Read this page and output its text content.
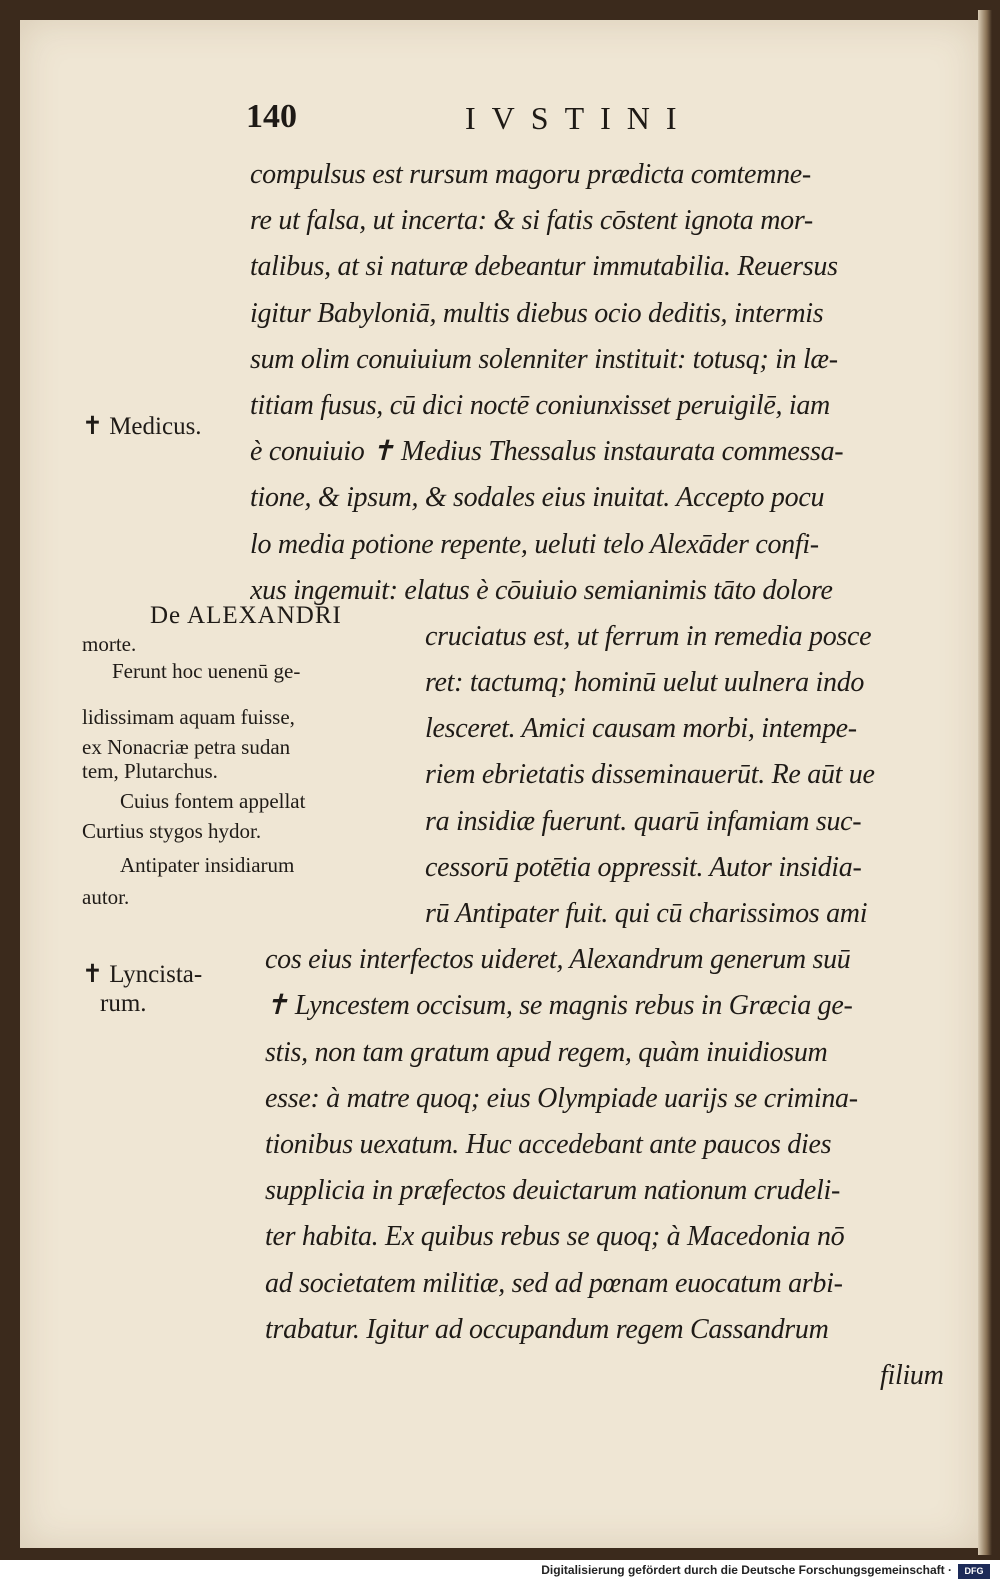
140	IVSTINI
compulsus est rursum magoru prædicta comtemne-
re ut falsa, ut incerta: & si fatis cōstent ignota mor-
talibus, at si naturæ debeantur immutabilia. Reuersus
igitur Babyloniā, multis diebus ocio deditis, intermis
sum olim conuiuium solenniter instituit: totusq; in læ-
titiam fusus, cū dici noctē coniunxisset peruigilē, iam
è conuiuio ✝ Medius Thessalus instaurata commessa-
tione, & ipsum, & sodales eius inuitat. Accepto pocu
lo media potione repente, ueluti telo Alexāder confi-
xus ingemuit: elatus è cōuiuio semianimis tāto dolore
cruciatus est, ut ferrum in remedia posce
ret: tactumq; hominū uelut uulnera indo
lesceret. Amici causam morbi, intempe-
riem ebrietatis disseminauerūt. Re aūt ue
ra insidiæ fuerunt. quarū infamiam suc-
cessorū potētia oppressit. Autor insidia-
rū Antipater fuit. qui cū charissimos ami
cos eius interfectos uideret, Alexandrum generum suū
✝ Lyncestem occisum, se magnis rebus in Græcia ge-
stis, non tam gratum apud regem, quàm inuidiosum
esse: à matre quoq; eius Olympiade uarijs se crimina-
tionibus uexatum. Huc accedebant ante paucos dies
supplicia in præfectos deuictarum nationum crudeli-
ter habita. Ex quibus rebus se quoq; à Macedonia nō
ad societatem militiæ, sed ad pœnam euocatum arbi-
trabatur. Igitur ad occupandum regem Cassandrum
filium
✝ Medicus.
De ALEXANDRI
morte.
Ferunt hoc uenenū ge-
lidissimam aquam fuisse,
ex Nonacriæ petra sudan
tem, Plutarchus.
Cuius fontem appellat
Curtius stygos hydor.
Antipater insidiarum
autor.
✝ Lyncista-
rum.
Digitalisierung gefördert durch die Deutsche Forschungsgemeinschaft ·	DFG
